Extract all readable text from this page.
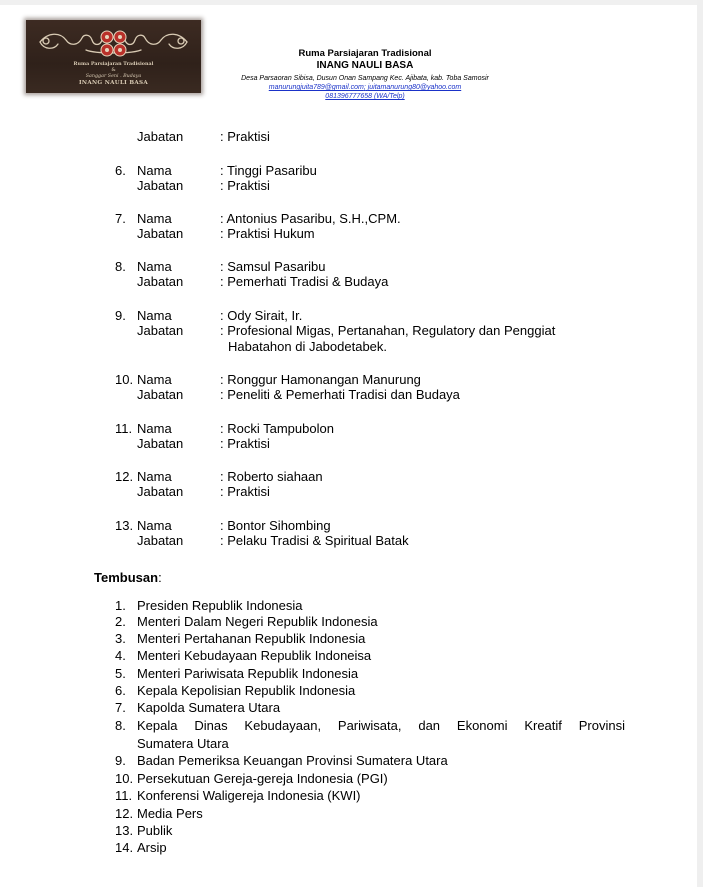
Ruma Parsiajaran Tradisional
&
Sanggar Seni . Budaya
INANG NAULI BASA
Ruma Parsiajaran Tradisional
INANG NAULI BASA
Desa Parsaoran Sibisa, Dusun Onan Sampang Kec. Ajibata, kab. Toba Samosir
manurungjuita789@gmail.com; juitamanurung80@yahoo.com
081396777658 (WA/Telp)
Jabatan	: Praktisi
6. Nama	: Tinggi Pasaribu
Jabatan	: Praktisi
7. Nama	: Antonius Pasaribu, S.H.,CPM.
Jabatan	: Praktisi Hukum
8. Nama	: Samsul Pasaribu
Jabatan	: Pemerhati Tradisi & Budaya
9. Nama	: Ody Sirait, Ir.
Jabatan	: Profesional Migas, Pertanahan, Regulatory dan Penggiat
Habatahon di Jabodetabek.
10. Nama	: Ronggur Hamonangan Manurung
Jabatan	: Peneliti & Pemerhati Tradisi dan Budaya
11. Nama	: Rocki Tampubolon
Jabatan	: Praktisi
12. Nama	: Roberto siahaan
Jabatan	: Praktisi
13. Nama	: Bontor Sihombing
Jabatan	: Pelaku Tradisi & Spiritual Batak
Tembusan:
1. Presiden Republik Indonesia
2. Menteri Dalam Negeri Republik Indonesia
3. Menteri Pertahanan Republik Indonesia
4. Menteri Kebudayaan Republik Indoneisa
5. Menteri Pariwisata Republik Indonesia
6. Kepala Kepolisian Republik Indonesia
7. Kapolda Sumatera Utara
8. Kepala Dinas Kebudayaan, Pariwisata, dan Ekonomi Kreatif Provinsi
Sumatera Utara
9. Badan Pemeriksa Keuangan Provinsi Sumatera Utara
10. Persekutuan Gereja-gereja Indonesia (PGI)
11. Konferensi Waligereja Indonesia (KWI)
12. Media Pers
13. Publik
14. Arsip
